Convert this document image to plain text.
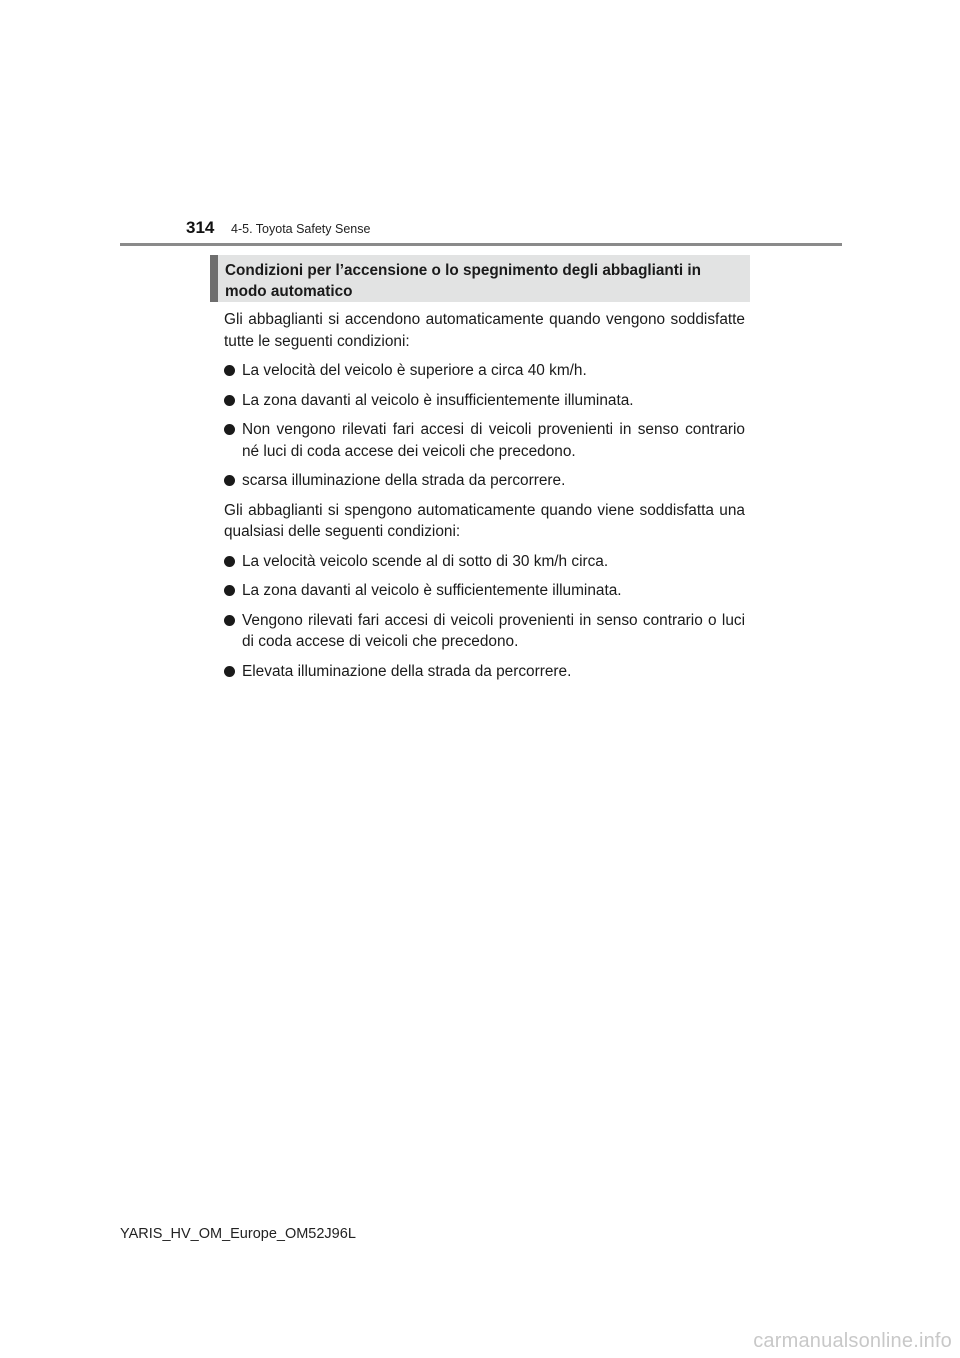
314 4-5. Toyota Safety Sense
Condizioni per l’accensione o lo spegnimento degli abbaglianti in modo automatico

Gli abbaglianti si accendono automaticamente quando vengono soddisfatte tutte le seguenti condizioni:

La velocità del veicolo è superiore a circa 40 km/h.
La zona davanti al veicolo è insufficientemente illuminata.
Non vengono rilevati fari accesi di veicoli provenienti in senso contrario né luci di coda accese dei veicoli che precedono.
scarsa illuminazione della strada da percorrere.

Gli abbaglianti si spengono automaticamente quando viene soddisfatta una qualsiasi delle seguenti condizioni:

La velocità veicolo scende al di sotto di 30 km/h circa.
La zona davanti al veicolo è sufficientemente illuminata.
Vengono rilevati fari accesi di veicoli provenienti in senso contrario o luci di coda accese di veicoli che precedono.
Elevata illuminazione della strada da percorrere.
YARIS_HV_OM_Europe_OM52J96L
carmanualsonline.info
